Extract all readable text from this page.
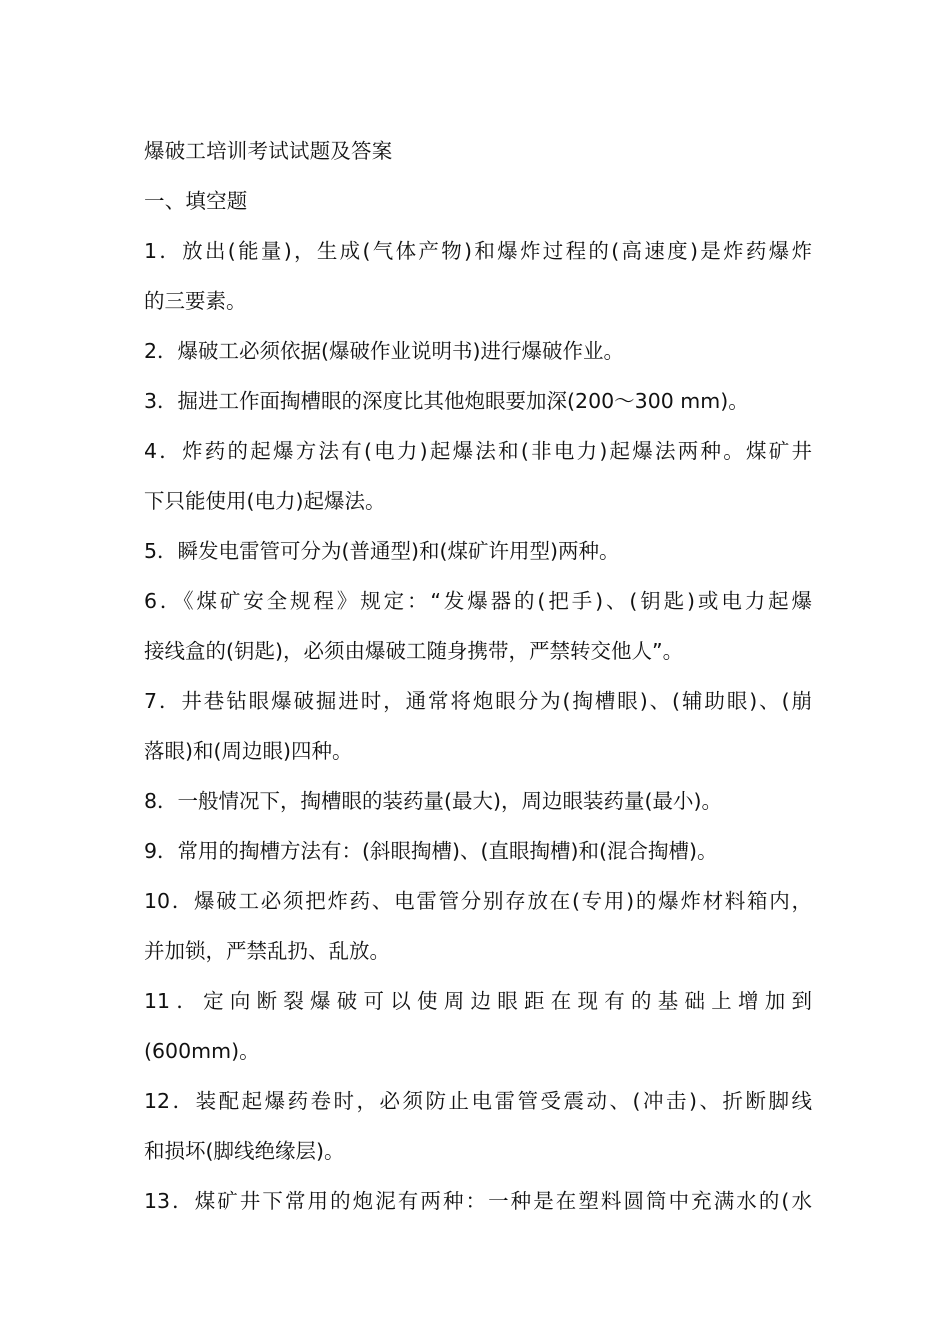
爆破工培训考试试题及答案
一、填空题
1．放出(能量)，生成(气体产物)和爆炸过程的(高速度)是炸药爆炸
的三要素。
2．爆破工必须依据(爆破作业说明书)进行爆破作业。
3．掘进工作面掏槽眼的深度比其他炮眼要加深(200～300 mm)。
4．炸药的起爆方法有(电力)起爆法和(非电力)起爆法两种。煤矿井
下只能使用(电力)起爆法。
5．瞬发电雷管可分为(普通型)和(煤矿许用型)两种。
6．《煤矿安全规程》规定：“发爆器的(把手)、(钥匙)或电力起爆
接线盒的(钥匙)，必须由爆破工随身携带，严禁转交他人”。
7．井巷钻眼爆破掘进时，通常将炮眼分为(掏槽眼)、(辅助眼)、(崩
落眼)和(周边眼)四种。
8．一般情况下，掏槽眼的装药量(最大)，周边眼装药量(最小)。
9．常用的掏槽方法有：(斜眼掏槽)、(直眼掏槽)和(混合掏槽)。
10．爆破工必须把炸药、电雷管分别存放在(专用)的爆炸材料箱内，
并加锁，严禁乱扔、乱放。
11．定向断裂爆破可以使周边眼距在现有的基础上增加到
(600mm)。
12．装配起爆药卷时，必须防止电雷管受震动、(冲击)、折断脚线
和损坏(脚线绝缘层)。
13．煤矿井下常用的炮泥有两种：一种是在塑料圆筒中充满水的(水
